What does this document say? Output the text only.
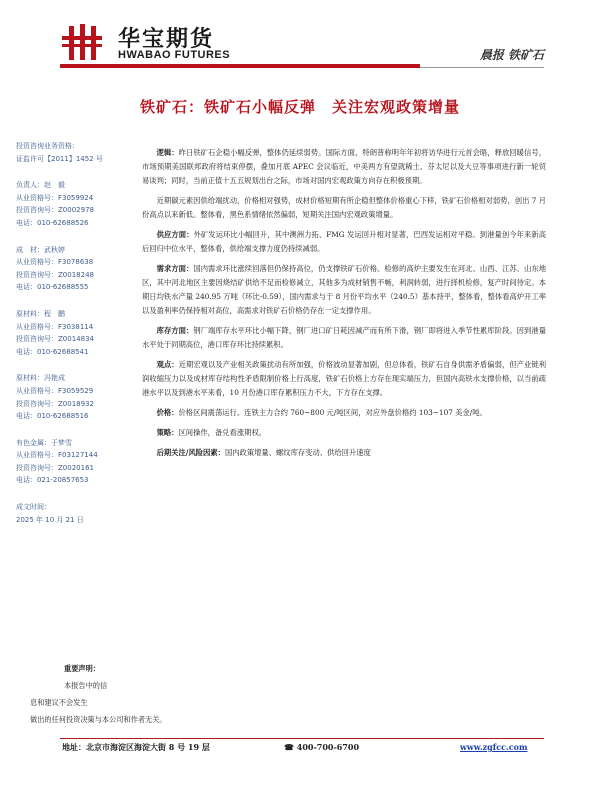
华宝期货
HWABAO FUTURES	晨报 铁矿石
铁矿石：铁矿石小幅反弹　关注宏观政策增量
投资咨询业务资格:
证监许可【2011】1452 号
负责人：赵　毅
从业资格号：F3059924
投资咨询号：Z0002978
电话：010-62688526
成　材：武秋婷
从业资格号：F3078638
投资咨询号：Z0018248
电话：010-62688555
原材料：程　鹏
从业资格号：F3038114
投资咨询号：Z0014834
电话：010-62688541
原材料：冯艳成
从业资格号：F3059529
投资咨询号：Z0018932
电话：010-62688516
有色金属：于梦雪
从业资格号：F03127144
投资咨询号：Z0020161
电话：021-20857653
成文时间：
2025 年 10 月 21 日

逻辑：昨日铁矿石企稳小幅反弹，整体仍延续弱势。国际方面，特朗普称明年年初将访华进行元首会晤，释放回暖信号，市场预期美国联邦政府将结束停摆，叠加月底 APEC 会议临近，中美两方有望就稀土、芬太尼以及大豆等事项进行新一轮贸易谈判；同时，当前正值十五五规划出台之际，市场对国内宏观政策方向存在积极预期。

近期碳元素因供给端扰动，价格相对强势，成材价格短期有所企稳但整体价格重心下移，铁矿石价格相对弱势，创出 7 月份高点以来新低。整体看，黑色系情绪依然偏弱，短期关注国内宏观政策增量。

供应方面：外矿发运环比小幅回升，其中澳洲力拓、FMG 发运回升相对显著，巴西发运相对平稳。到港量创今年来新高后回归中位水平，整体看，供给端支撑力度仍持续减弱。

需求方面：国内需求环比涨续回落但仍保持高位，仍支撑铁矿石价格。检修的高炉主要发生在河北、山西、江苏、山东地区，其中河北地区主要因烧结矿供给不足而检修减立，其他多为成材销售不畅，利润转弱，进行择机检修，复产时间待定。本期日均铁水产量 240.95 万吨（环比-0.59），国内需求与于 8 月份平均水平（240.5）基本持平，整体看，整体看高炉开工率以及盈利率仍保持相对高位，高需求对铁矿石价格仍存在一定支撑作用。

库存方面：钢厂端库存水平环比小幅下降，钢厂进口矿日耗因减产而有所下滑，钢厂即将进入季节性累库阶段。因到港量水平处于同期高位，港口库存环比持续累积。

观点：近期宏观以及产业相关政策扰动有所加强，价格波动显著加剧，但总体看，铁矿石自身供需矛盾偏弱，但产业链利润收缩压力以及成材库存结构性矛盾限制价格上行高度，铁矿石价格上方存在现实端压力，但国内高铁水支撑价格，以当前疏港水平以及到港水平来看，10 月份港口库存累积压力不大，下方存在支撑。

价格：价格区间震荡运行。连铁主力合约 760~800 元/吨区间，对应外盘价格约 103~107 美金/吨。

策略：区间操作，备兑看涨期权。

后期关注/风险因素：国内政策增量、螺纹库存变动、供给回升速度

重要声明：
本报告中的信
息和建议不会发生
做出的任何投资决策与本公司和作者无关。
地址：北京市海淀区海淀大街 8 号 19 层	☎ 400-700-6700	www.zgfcc.com
